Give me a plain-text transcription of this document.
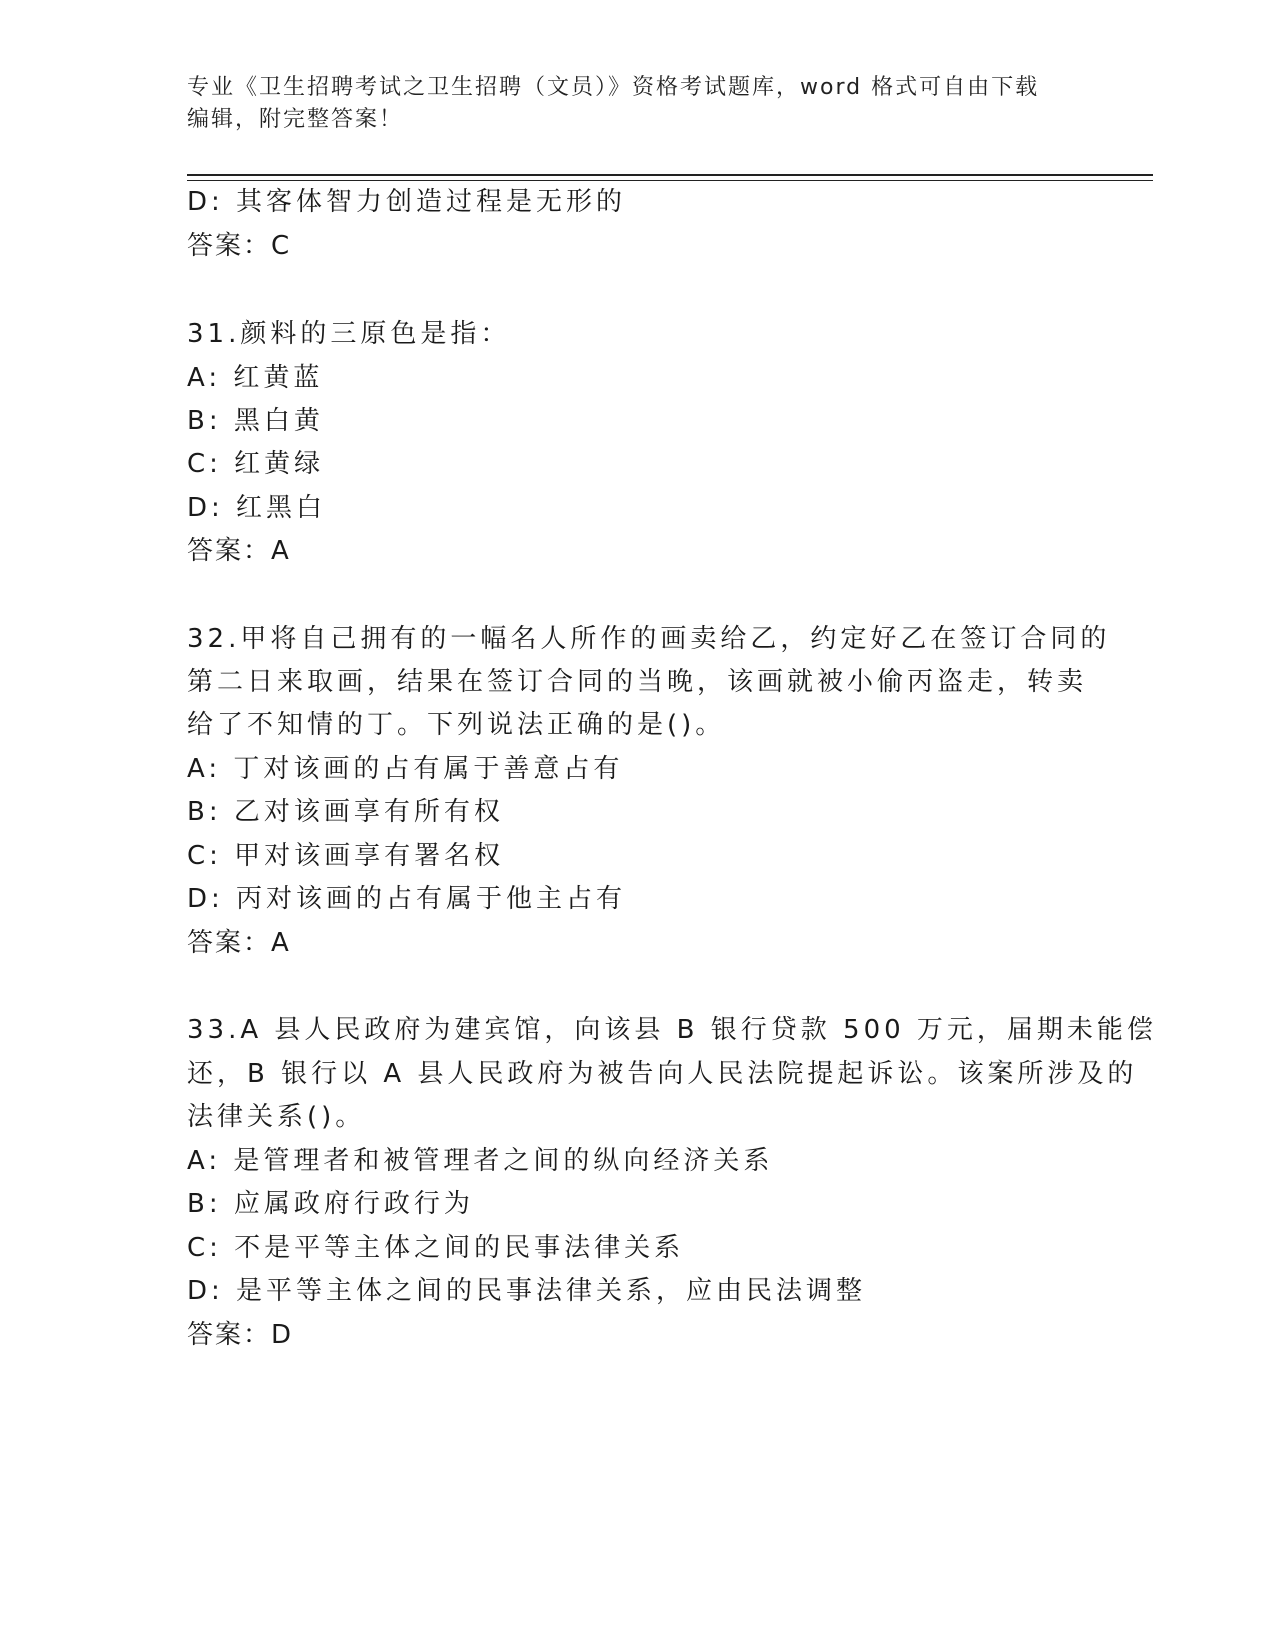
专业《卫生招聘考试之卫生招聘（文员）》资格考试题库，word 格式可自由下载
编辑，附完整答案！
D: 其客体智力创造过程是无形的
答案：C
31.颜料的三原色是指：
A: 红黄蓝
B: 黑白黄
C: 红黄绿
D: 红黑白
答案：A
32.甲将自己拥有的一幅名人所作的画卖给乙，约定好乙在签订合同的
第二日来取画，结果在签订合同的当晚，该画就被小偷丙盗走，转卖
给了不知情的丁。下列说法正确的是()。
A: 丁对该画的占有属于善意占有
B: 乙对该画享有所有权
C: 甲对该画享有署名权
D: 丙对该画的占有属于他主占有
答案：A
33.A 县人民政府为建宾馆，向该县 B 银行贷款 500 万元，届期未能偿
还，B 银行以 A 县人民政府为被告向人民法院提起诉讼。该案所涉及的
法律关系()。
A: 是管理者和被管理者之间的纵向经济关系
B: 应属政府行政行为
C: 不是平等主体之间的民事法律关系
D: 是平等主体之间的民事法律关系，应由民法调整
答案：D
